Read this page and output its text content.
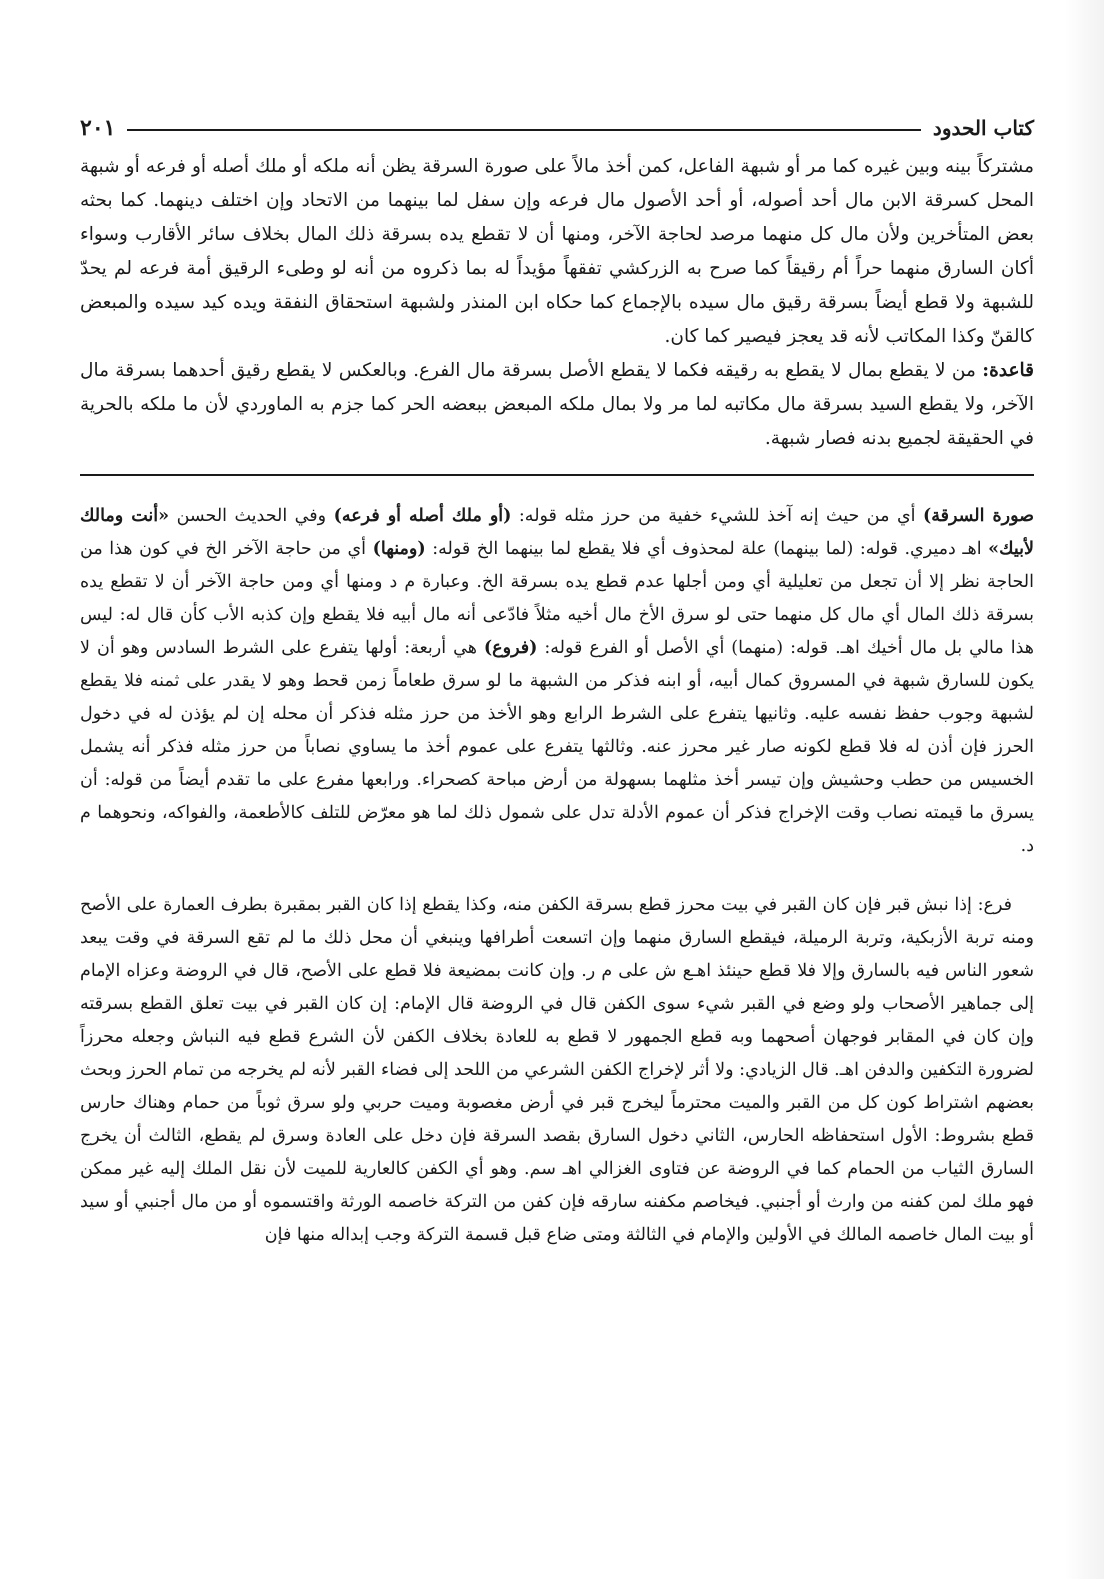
كتاب الحدود
٢٠١

مشتركاً بينه وبين غيره كما مر أو شبهة الفاعل، كمن أخذ مالاً على صورة السرقة يظن أنه ملكه أو ملك أصله أو فرعه أو شبهة المحل كسرقة الابن مال أحد أصوله، أو أحد الأصول مال فرعه وإن سفل لما بينهما من الاتحاد وإن اختلف دينهما. كما بحثه بعض المتأخرين ولأن مال كل منهما مرصد لحاجة الآخر، ومنها أن لا تقطع يده بسرقة ذلك المال بخلاف سائر الأقارب وسواء أكان السارق منهما حراً أم رقيقاً كما صرح به الزركشي تفقهاً مؤيداً له بما ذكروه من أنه لو وطىء الرقيق أمة فرعه لم يحدّ للشبهة ولا قطع أيضاً بسرقة رقيق مال سيده بالإجماع كما حكاه ابن المنذر ولشبهة استحقاق النفقة ويده كيد سيده والمبعض كالقنّ وكذا المكاتب لأنه قد يعجز فيصير كما كان.

قاعدة: من لا يقطع بمال لا يقطع به رقيقه فكما لا يقطع الأصل بسرقة مال الفرع. وبالعكس لا يقطع رقيق أحدهما بسرقة مال الآخر، ولا يقطع السيد بسرقة مال مكاتبه لما مر ولا بمال ملكه المبعض ببعضه الحر كما جزم به الماوردي لأن ما ملكه بالحرية في الحقيقة لجميع بدنه فصار شبهة.

صورة السرقة) أي من حيث إنه آخذ للشيء خفية من حرز مثله قوله: (أو ملك أصله أو فرعه) وفي الحديث الحسن «أنت ومالك لأبيك» اهـ دميري. قوله: (لما بينهما) علة لمحذوف أي فلا يقطع لما بينهما الخ قوله: (ومنها) أي من حاجة الآخر الخ في كون هذا من الحاجة نظر إلا أن تجعل من تعليلية أي ومن أجلها عدم قطع يده بسرقة الخ. وعبارة م د ومنها أي ومن حاجة الآخر أن لا تقطع يده بسرقة ذلك المال أي مال كل منهما حتى لو سرق الأخ مال أخيه مثلاً فادّعى أنه مال أبيه فلا يقطع وإن كذبه الأب كأن قال له: ليس هذا مالي بل مال أخيك اهـ. قوله: (منهما) أي الأصل أو الفرع قوله: (فروع) هي أربعة: أولها يتفرع على الشرط السادس وهو أن لا يكون للسارق شبهة في المسروق كمال أبيه، أو ابنه فذكر من الشبهة ما لو سرق طعاماً زمن قحط وهو لا يقدر على ثمنه فلا يقطع لشبهة وجوب حفظ نفسه عليه. وثانيها يتفرع على الشرط الرابع وهو الأخذ من حرز مثله فذكر أن محله إن لم يؤذن له في دخول الحرز فإن أذن له فلا قطع لكونه صار غير محرز عنه. وثالثها يتفرع على عموم أخذ ما يساوي نصاباً من حرز مثله فذكر أنه يشمل الخسيس من حطب وحشيش وإن تيسر أخذ مثلهما بسهولة من أرض مباحة كصحراء. ورابعها مفرع على ما تقدم أيضاً من قوله: أن يسرق ما قيمته نصاب وقت الإخراج فذكر أن عموم الأدلة تدل على شمول ذلك لما هو معرّض للتلف كالأطعمة، والفواكه، ونحوهما م د.

فرع: إذا نبش قبر فإن كان القبر في بيت محرز قطع بسرقة الكفن منه، وكذا يقطع إذا كان القبر بمقبرة بطرف العمارة على الأصح ومنه تربة الأزبكية، وتربة الرميلة، فيقطع السارق منهما وإن اتسعت أطرافها وينبغي أن محل ذلك ما لم تقع السرقة في وقت يبعد شعور الناس فيه بالسارق وإلا فلا قطع حينئذ اهـع ش على م ر. وإن كانت بمضيعة فلا قطع على الأصح، قال في الروضة وعزاه الإمام إلى جماهير الأصحاب ولو وضع في القبر شيء سوى الكفن قال في الروضة قال الإمام: إن كان القبر في بيت تعلق القطع بسرقته وإن كان في المقابر فوجهان أصحهما وبه قطع الجمهور لا قطع به للعادة بخلاف الكفن لأن الشرع قطع فيه النباش وجعله محرزاً لضرورة التكفين والدفن اهـ. قال الزيادي: ولا أثر لإخراج الكفن الشرعي من اللحد إلى فضاء القبر لأنه لم يخرجه من تمام الحرز وبحث بعضهم اشتراط كون كل من القبر والميت محترماً ليخرج قبر في أرض مغصوبة وميت حربي ولو سرق ثوباً من حمام وهناك حارس قطع بشروط: الأول استحفاظه الحارس، الثاني دخول السارق بقصد السرقة فإن دخل على العادة وسرق لم يقطع، الثالث أن يخرج السارق الثياب من الحمام كما في الروضة عن فتاوى الغزالي اهـ سم. وهو أي الكفن كالعارية للميت لأن نقل الملك إليه غير ممكن فهو ملك لمن كفنه من وارث أو أجنبي. فيخاصم مكفنه سارقه فإن كفن من التركة خاصمه الورثة واقتسموه أو من مال أجنبي أو سيد أو بيت المال خاصمه المالك في الأولين والإمام في الثالثة ومتى ضاع قبل قسمة التركة وجب إبداله منها فإن
